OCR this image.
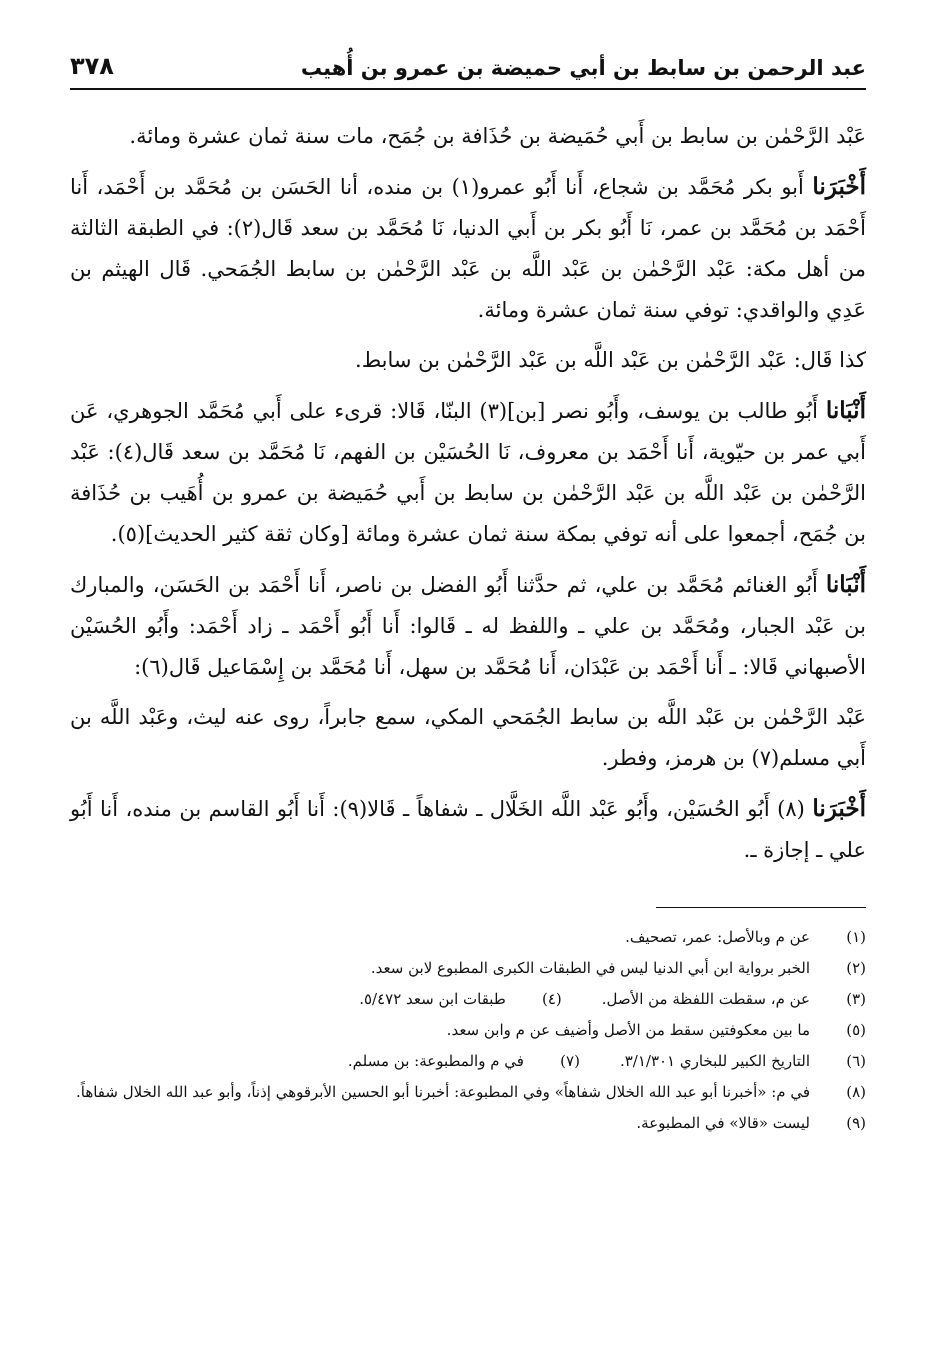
عبد الرحمن بن سابط بن أبي حميضة بن عمرو بن أُهيب
٣٧٨

عَبْد الرَّحْمٰن بن سابط بن أَبي حُمَيضة بن حُذَافة بن جُمَح، مات سنة ثمان عشرة ومائة.

أَخْبَرَنا أَبو بكر مُحَمَّد بن شجاع، أَنا أَبُو عمرو(١) بن منده، أنا الحَسَن بن مُحَمَّد بن أَحْمَد، أَنا أَحْمَد بن مُحَمَّد بن عمر، نَا أَبُو بكر بن أَبي الدنيا، نَا مُحَمَّد بن سعد قَال(٢): في الطبقة الثالثة من أهل مكة: عَبْد الرَّحْمٰن بن عَبْد اللَّه بن عَبْد الرَّحْمٰن بن سابط الجُمَحي. قَال الهيثم بن عَدِي والواقدي: توفي سنة ثمان عشرة ومائة.

كذا قَال: عَبْد الرَّحْمٰن بن عَبْد اللَّه بن عَبْد الرَّحْمٰن بن سابط.

أَنْبَانا أَبُو طالب بن يوسف، وأَبُو نصر [بن](٣) البنّا، قَالا: قرىء على أَبي مُحَمَّد الجوهري، عَن أَبي عمر بن حيّوية، أَنا أَحْمَد بن معروف، نَا الحُسَيْن بن الفهم، نَا مُحَمَّد بن سعد قَال(٤): عَبْد الرَّحْمٰن بن عَبْد اللَّه بن عَبْد الرَّحْمٰن بن سابط بن أَبي حُمَيضة بن عمرو بن أُهَيب بن حُذَافة بن جُمَح، أجمعوا على أنه توفي بمكة سنة ثمان عشرة ومائة [وكان ثقة كثير الحديث](٥).

أَنْبَانا أَبُو الغنائم مُحَمَّد بن علي، ثم حدَّثنا أَبُو الفضل بن ناصر، أَنا أَحْمَد بن الحَسَن، والمبارك بن عَبْد الجبار، ومُحَمَّد بن علي ـ واللفظ له ـ قَالوا: أَنا أَبُو أَحْمَد ـ زاد أَحْمَد: وأَبُو الحُسَيْن الأصبهاني قَالا: ـ أَنا أَحْمَد بن عَبْدَان، أَنا مُحَمَّد بن سهل، أَنا مُحَمَّد بن إِسْمَاعيل قَال(٦):

عَبْد الرَّحْمٰن بن عَبْد اللَّه بن سابط الجُمَحي المكي، سمع جابراً، روى عنه ليث، وعَبْد اللَّه بن أَبي مسلم(٧) بن هرمز، وفطر.

أَخْبَرَنا (٨) أَبُو الحُسَيْن، وأَبُو عَبْد اللَّه الخَلَّال ـ شفاهاً ـ قَالا(٩): أَنا أَبُو القاسم بن منده، أَنا أَبُو علي ـ إجازة ـ.

(١)
عن م وبالأصل: عمر، تصحيف.
(٢)
الخبر برواية ابن أبي الدنيا ليس في الطبقات الكبرى المطبوع لابن سعد.
(٣)
عن م، سقطت اللفظة من الأصل.
(٤)
طبقات ابن سعد ٥/٤٧٢.
(٥)
ما بين معكوفتين سقط من الأصل وأضيف عن م وابن سعد.
(٦)
التاريخ الكبير للبخاري ٣/١/٣٠١.
(٧)
في م والمطبوعة: بن مسلم.
(٨)
في م: «أخبرنا أبو عبد الله الخلال شفاهاً» وفي المطبوعة: أخبرنا أبو الحسين الأبرقوهي إذناً، وأبو عبد الله الخلال شفاهاً.
(٩)
ليست «قالا» في المطبوعة.
